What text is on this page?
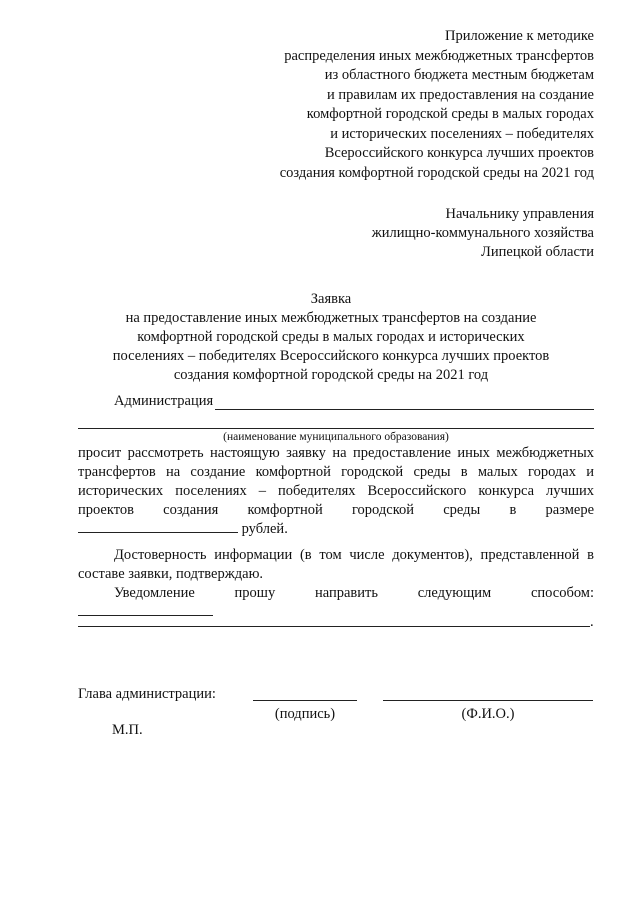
Приложение к методике
распределения иных межбюджетных трансфертов
из областного бюджета местным бюджетам
и правилам их предоставления на создание
комфортной городской среды в малых городах
и исторических поселениях – победителях
Всероссийского конкурса лучших проектов
создания комфортной городской среды на 2021 год
Начальнику управления
жилищно-коммунального хозяйства
Липецкой области
Заявка
на предоставление иных межбюджетных трансфертов на создание
комфортной городской среды в малых городах и исторических
поселениях – победителях Всероссийского конкурса лучших проектов
создания комфортной городской среды на 2021 год
Администрация
(наименование муниципального образования)
просит рассмотреть настоящую заявку на предоставление иных межбюджетных
трансфертов на создание комфортной городской среды в малых городах и
исторических поселениях – победителях Всероссийского конкурса лучших
проектов создания комфортной городской среды в размере
рублей.
Достоверность информации (в том числе документов), представленной в
составе заявки, подтверждаю.
Уведомление прошу направить следующим способом:
.
Глава администрации:
(подпись)	(Ф.И.О.)
М.П.
